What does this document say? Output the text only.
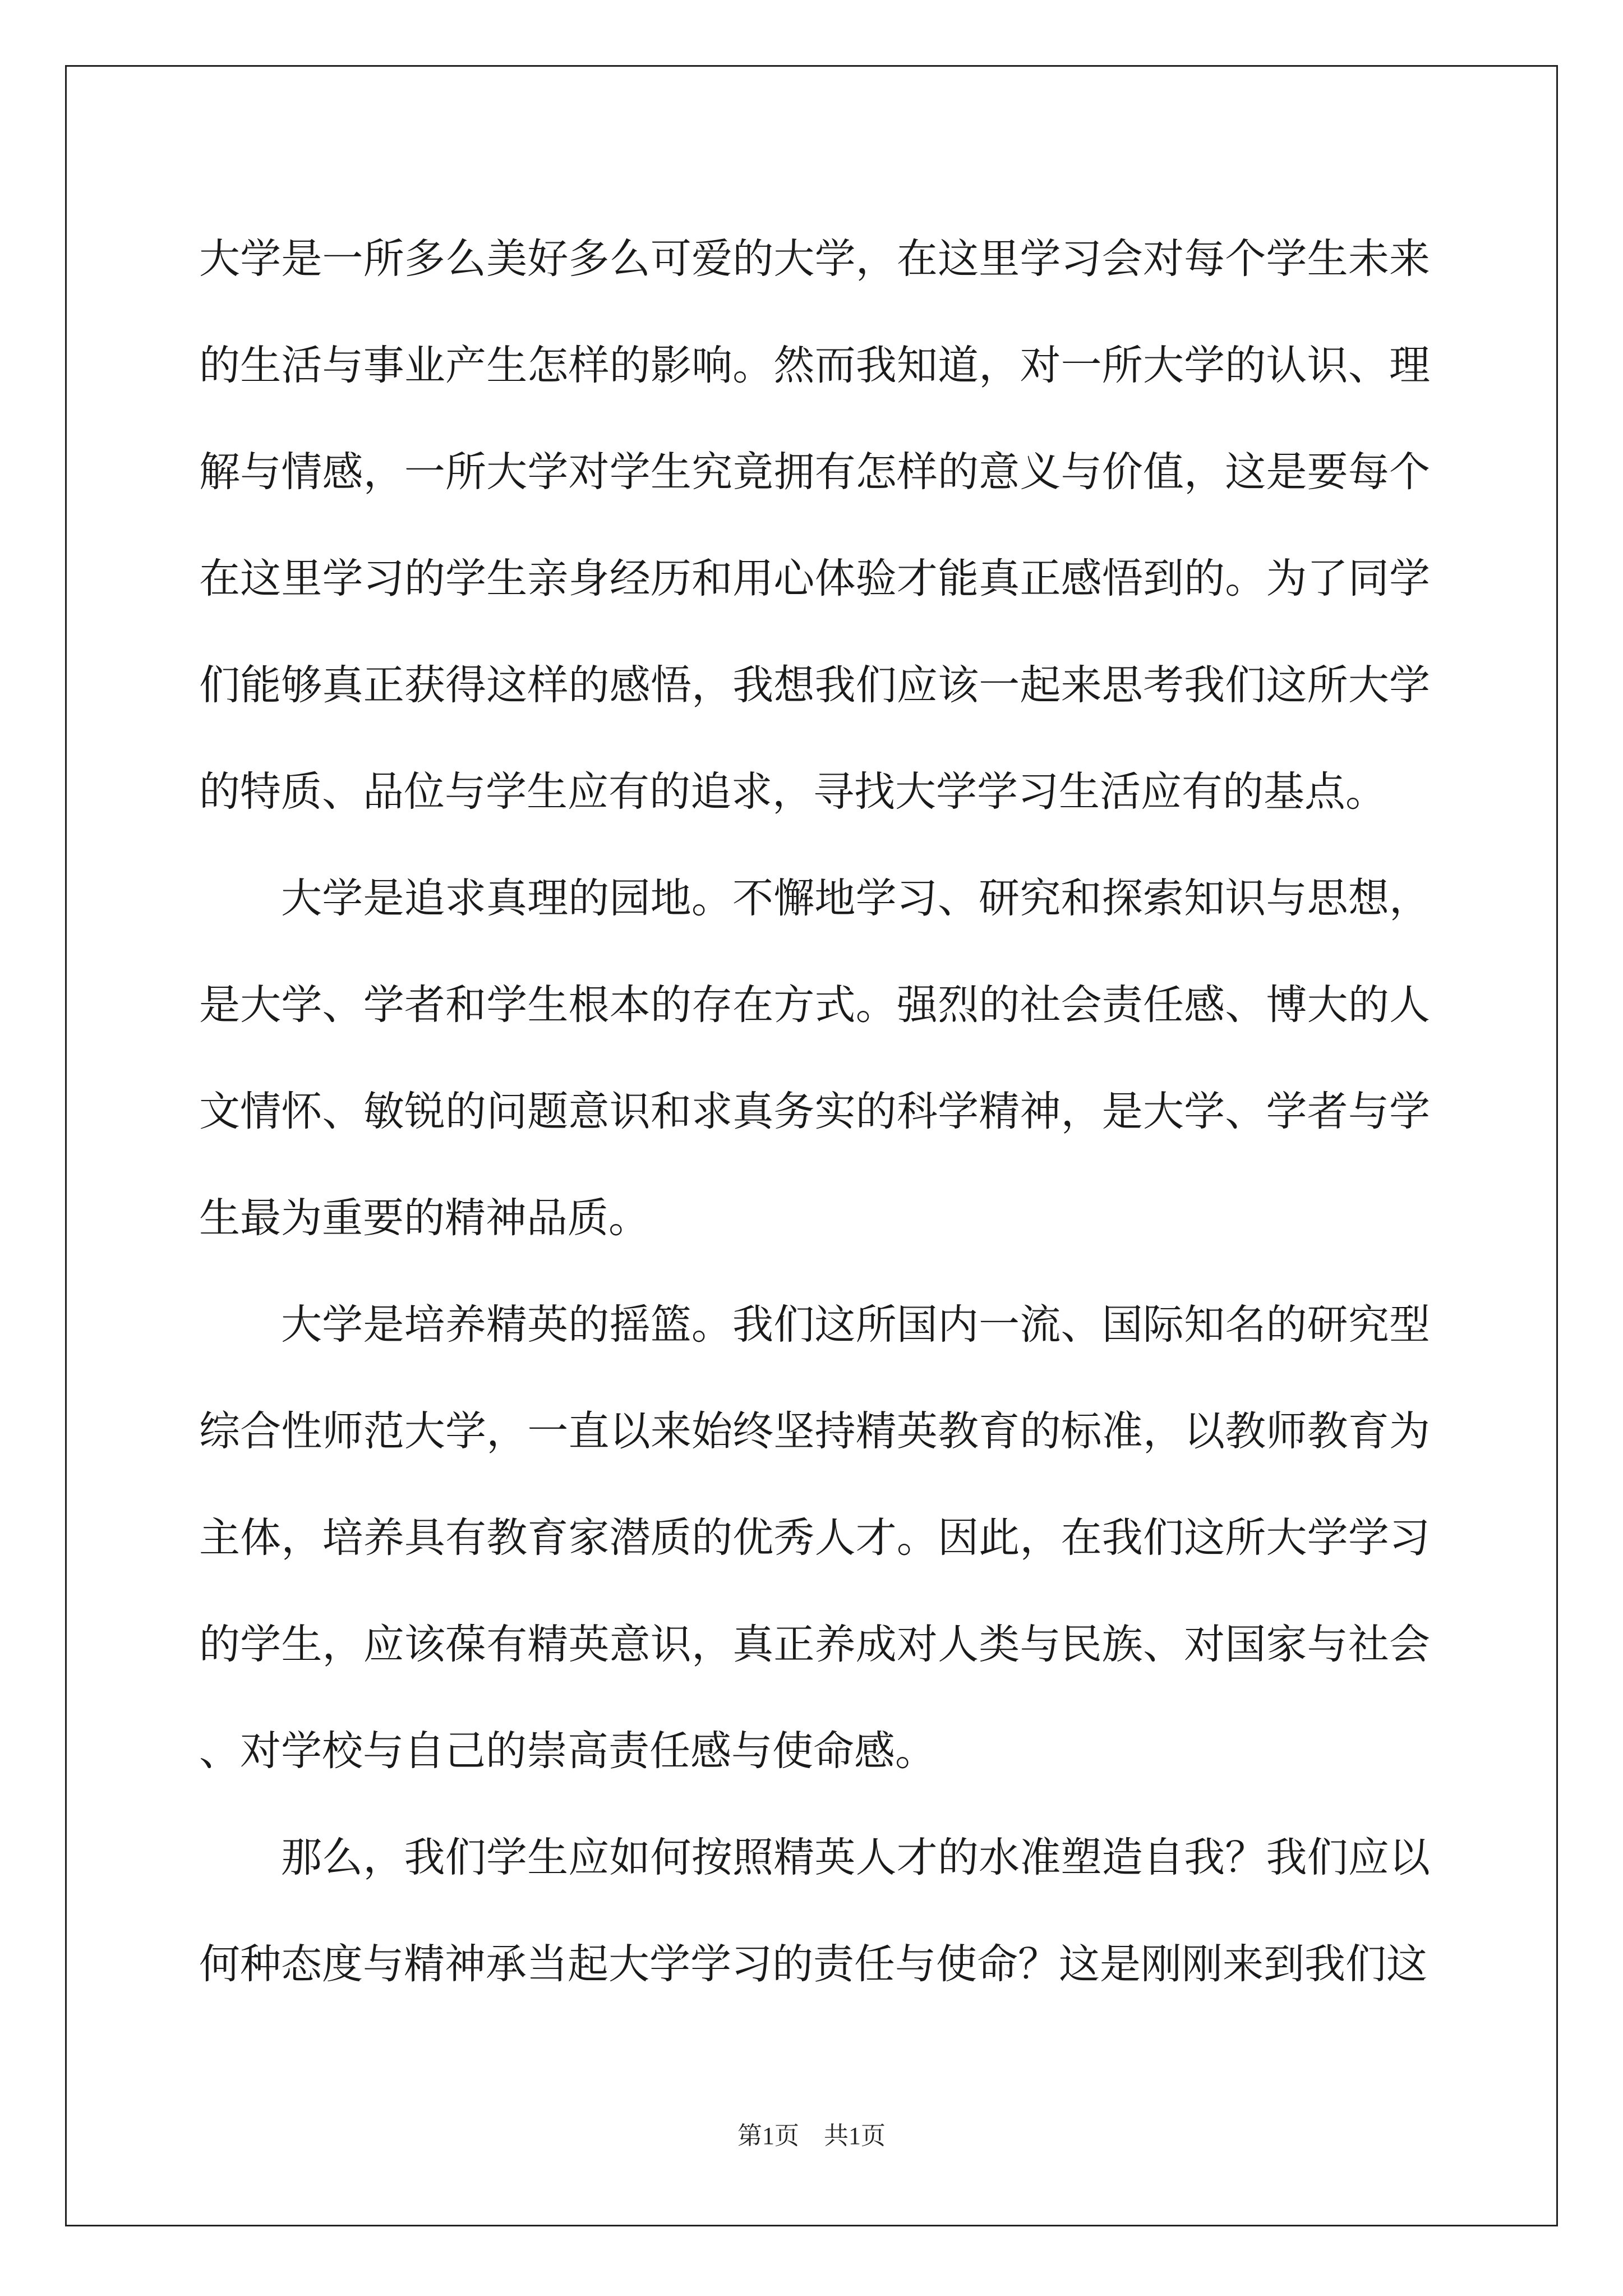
大学是一所多么美好多么可爱的大学，在这里学习会对每个学生未来的生活与事业产生怎样的影响。然而我知道，对一所大学的认识、理解与情感，一所大学对学生究竟拥有怎样的意义与价值，这是要每个在这里学习的学生亲身经历和用心体验才能真正感悟到的。为了同学们能够真正获得这样的感悟，我想我们应该一起来思考我们这所大学的特质、品位与学生应有的追求，寻找大学学习生活应有的基点。

大学是追求真理的园地。不懈地学习、研究和探索知识与思想，是大学、学者和学生根本的存在方式。强烈的社会责任感、博大的人文情怀、敏锐的问题意识和求真务实的科学精神，是大学、学者与学生最为重要的精神品质。

大学是培养精英的摇篮。我们这所国内一流、国际知名的研究型综合性师范大学，一直以来始终坚持精英教育的标准，以教师教育为主体，培养具有教育家潜质的优秀人才。因此，在我们这所大学学习的学生，应该葆有精英意识，真正养成对人类与民族、对国家与社会、对学校与自己的崇高责任感与使命感。

那么，我们学生应如何按照精英人才的水准塑造自我？我们应以何种态度与精神承当起大学学习的责任与使命？这是刚刚来到我们这

第1页　共1页
